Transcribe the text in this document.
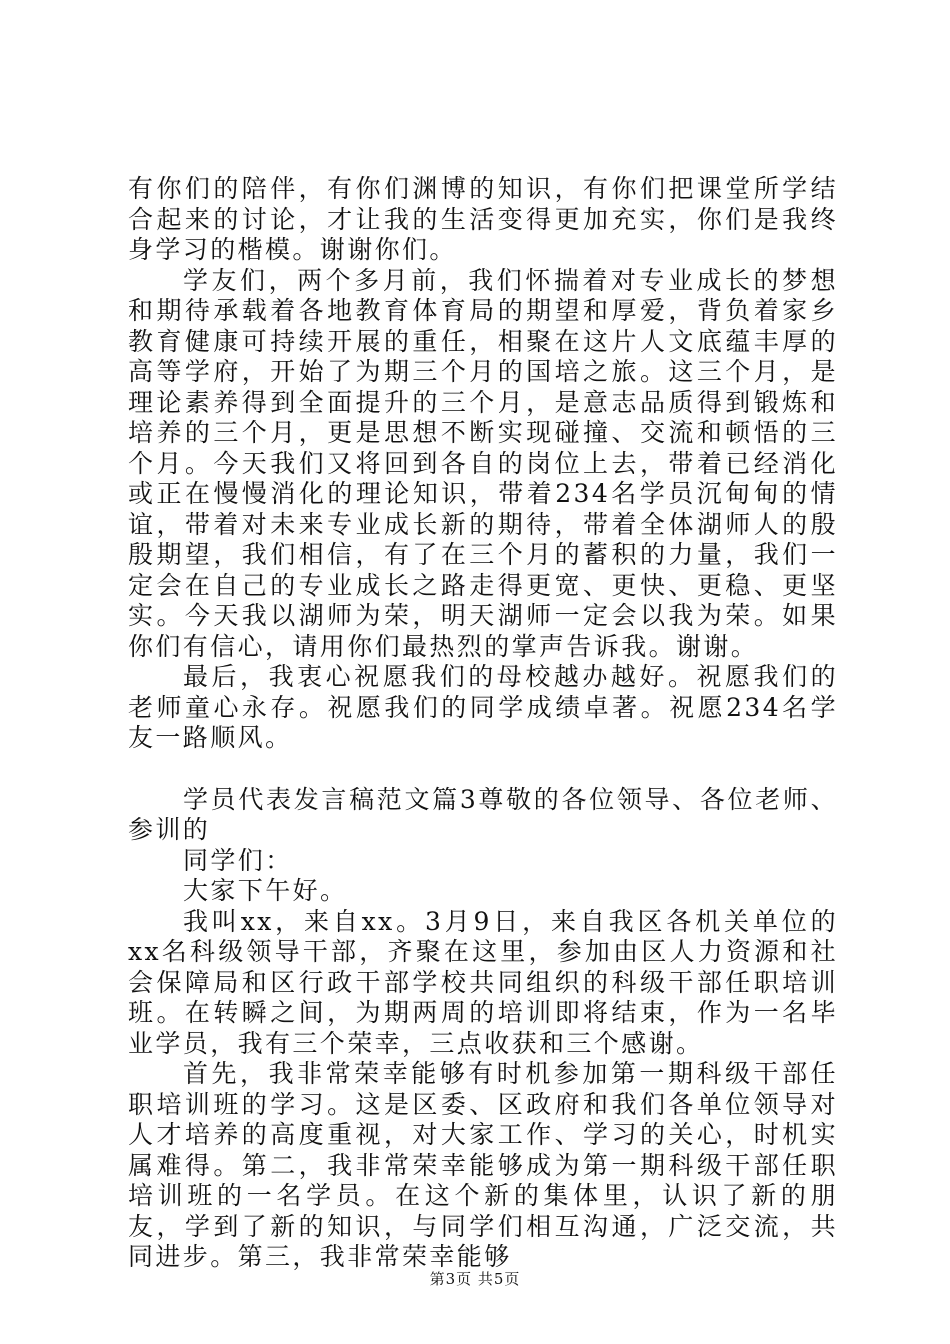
有你们的陪伴，有你们渊博的知识，有你们把课堂所学结合起来的讨论，才让我的生活变得更加充实，你们是我终身学习的楷模。谢谢你们。

学友们，两个多月前，我们怀揣着对专业成长的梦想和期待承载着各地教育体育局的期望和厚爱，背负着家乡教育健康可持续开展的重任，相聚在这片人文底蕴丰厚的高等学府，开始了为期三个月的国培之旅。这三个月，是理论素养得到全面提升的三个月，是意志品质得到锻炼和培养的三个月，更是思想不断实现碰撞、交流和顿悟的三个月。今天我们又将回到各自的岗位上去，带着已经消化或正在慢慢消化的理论知识，带着234名学员沉甸甸的情谊，带着对未来专业成长新的期待，带着全体湖师人的殷殷期望，我们相信，有了在三个月的蓄积的力量，我们一定会在自己的专业成长之路走得更宽、更快、更稳、更坚实。今天我以湖师为荣，明天湖师一定会以我为荣。如果你们有信心，请用你们最热烈的掌声告诉我。谢谢。

最后，我衷心祝愿我们的母校越办越好。祝愿我们的老师童心永存。祝愿我们的同学成绩卓著。祝愿234名学友一路顺风。

学员代表发言稿范文篇3尊敬的各位领导、各位老师、参训的

同学们：

大家下午好。

我叫xx，来自xx。3月9日，来自我区各机关单位的xx名科级领导干部，齐聚在这里，参加由区人力资源和社会保障局和区行政干部学校共同组织的科级干部任职培训班。在转瞬之间，为期两周的培训即将结束，作为一名毕业学员，我有三个荣幸，三点收获和三个感谢。

首先，我非常荣幸能够有时机参加第一期科级干部任职培训班的学习。这是区委、区政府和我们各单位领导对人才培养的高度重视，对大家工作、学习的关心，时机实属难得。第二，我非常荣幸能够成为第一期科级干部任职培训班的一名学员。在这个新的集体里，认识了新的朋友，学到了新的知识，与同学们相互沟通，广泛交流，共同进步。第三，我非常荣幸能够

第3页 共5页
